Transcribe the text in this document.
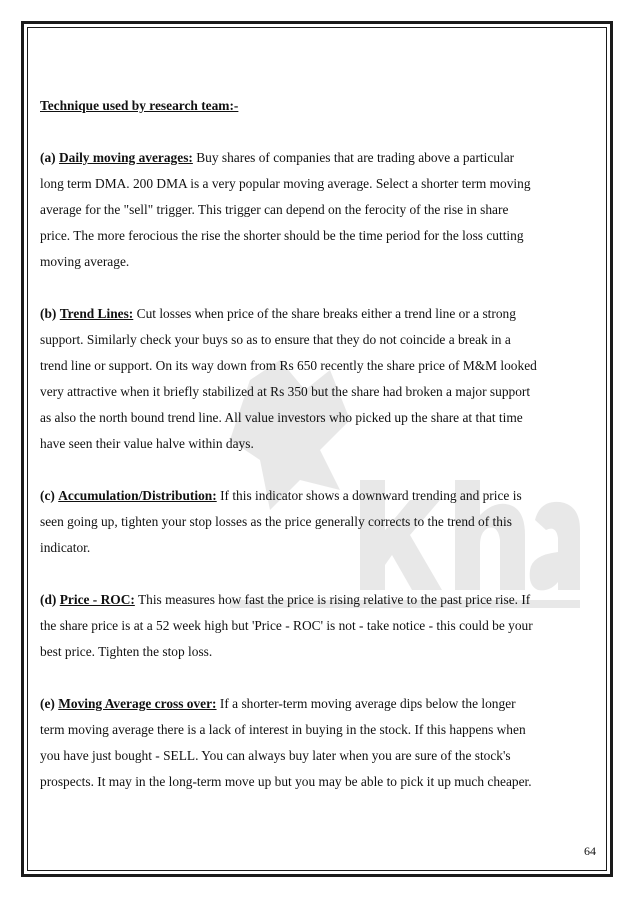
Technique used by research team:-
(a) Daily moving averages: Buy shares of companies that are trading above a particular
long term DMA. 200 DMA is a very popular moving average. Select a shorter term moving
average for the "sell" trigger. This trigger can depend on the ferocity of the rise in share
price. The more ferocious the rise the shorter should be the time period for the loss cutting
moving average.
(b) Trend Lines: Cut losses when price of the share breaks either a trend line or a strong
support. Similarly check your buys so as to ensure that they do not coincide a break in a
trend line or support. On its way down from Rs 650 recently the share price of M&M looked
very attractive when it briefly stabilized at Rs 350 but the share had broken a major support
as also the north bound trend line. All value investors who picked up the share at that time
have seen their value halve within days.
(c) Accumulation/Distribution: If this indicator shows a downward trending and price is
seen going up, tighten your stop losses as the price generally corrects to the trend of this
indicator.
(d) Price - ROC: This measures how fast the price is rising relative to the past price rise. If
the share price is at a 52 week high but 'Price - ROC' is not - take notice - this could be your
best price. Tighten the stop loss.
(e) Moving Average cross over: If a shorter-term moving average dips below the longer
term moving average there is a lack of interest in buying in the stock. If this happens when
you have just bought - SELL. You can always buy later when you are sure of the stock's
prospects. It may in the long-term move up but you may be able to pick it up much cheaper.
64
